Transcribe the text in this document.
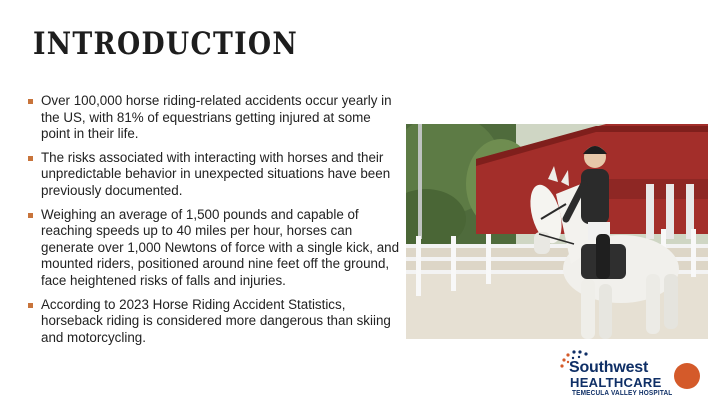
INTRODUCTION
Over 100,000 horse riding-related accidents occur yearly in the US, with 81% of equestrians getting injured at some point in their life.
The risks associated with interacting with horses and their unpredictable behavior in unexpected situations have been previously documented.
Weighing an average of 1,500 pounds and capable of reaching speeds up to 40 miles per hour, horses can generate over 1,000 Newtons of force with a single kick, and mounted riders, positioned around nine feet off the ground, face heightened risks of falls and injuries.
According to 2023 Horse Riding Accident Statistics, horseback riding is considered more dangerous than skiing and motorcycling.
Southwest
HEALTHCARE
TEMECULA VALLEY HOSPITAL
